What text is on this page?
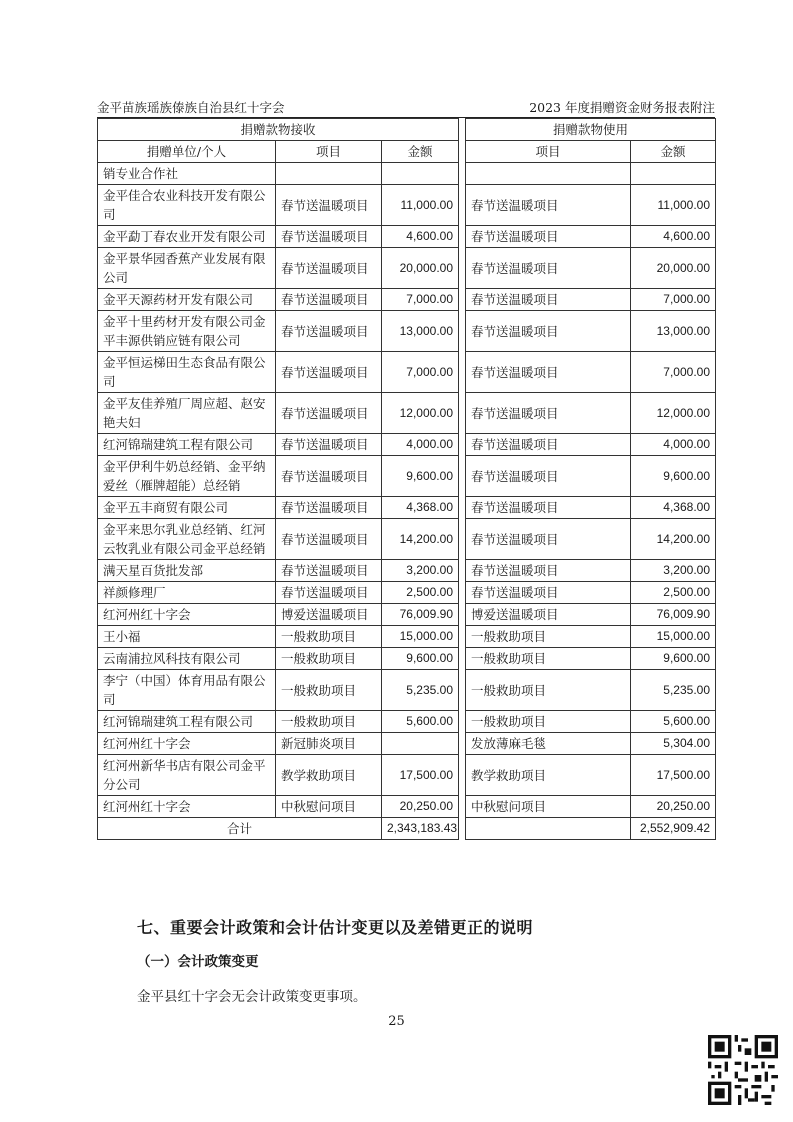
金平苗族瑶族傣族自治县红十字会	2023 年度捐赠资金财务报表附注
捐赠款物接收				捐赠款物使用	
捐赠单位/个人	项目	金额		项目	金额
销专业合作社					
金平佳合农业科技开发有限公司	春节送温暖项目	11,000.00		春节送温暖项目	11,000.00
金平勐丁春农业开发有限公司	春节送温暖项目	4,600.00		春节送温暖项目	4,600.00
金平景华园香蕉产业发展有限公司	春节送温暖项目	20,000.00		春节送温暖项目	20,000.00
金平天源药材开发有限公司	春节送温暖项目	7,000.00		春节送温暖项目	7,000.00
金平十里药材开发有限公司金平丰源供销应链有限公司	春节送温暖项目	13,000.00		春节送温暖项目	13,000.00
金平恒运梯田生态食品有限公司	春节送温暖项目	7,000.00		春节送温暖项目	7,000.00
金平友佳养殖厂周应超、赵安艳夫妇	春节送温暖项目	12,000.00		春节送温暖项目	12,000.00
红河锦瑞建筑工程有限公司	春节送温暖项目	4,000.00		春节送温暖项目	4,000.00
金平伊利牛奶总经销、金平纳爱丝（雁牌超能）总经销	春节送温暖项目	9,600.00		春节送温暖项目	9,600.00
金平五丰商贸有限公司	春节送温暖项目	4,368.00		春节送温暖项目	4,368.00
金平来思尔乳业总经销、红河云牧乳业有限公司金平总经销	春节送温暖项目	14,200.00		春节送温暖项目	14,200.00
满天星百货批发部	春节送温暖项目	3,200.00		春节送温暖项目	3,200.00
祥颜修理厂	春节送温暖项目	2,500.00		春节送温暖项目	2,500.00
红河州红十字会	博爱送温暖项目	76,009.90		博爱送温暖项目	76,009.90
王小福	一般救助项目	15,000.00		一般救助项目	15,000.00
云南浦拉风科技有限公司	一般救助项目	9,600.00		一般救助项目	9,600.00
李宁（中国）体育用品有限公司	一般救助项目	5,235.00		一般救助项目	5,235.00
红河锦瑞建筑工程有限公司	一般救助项目	5,600.00		一般救助项目	5,600.00
红河州红十字会	新冠肺炎项目			发放薄麻毛毯	5,304.00
红河州新华书店有限公司金平分公司	教学救助项目	17,500.00		教学救助项目	17,500.00
红河州红十字会	中秋慰问项目	20,250.00		中秋慰问项目	20,250.00
合计		2,343,183.43			2,552,909.42
七、重要会计政策和会计估计变更以及差错更正的说明
（一）会计政策变更
金平县红十字会无会计政策变更事项。
25
